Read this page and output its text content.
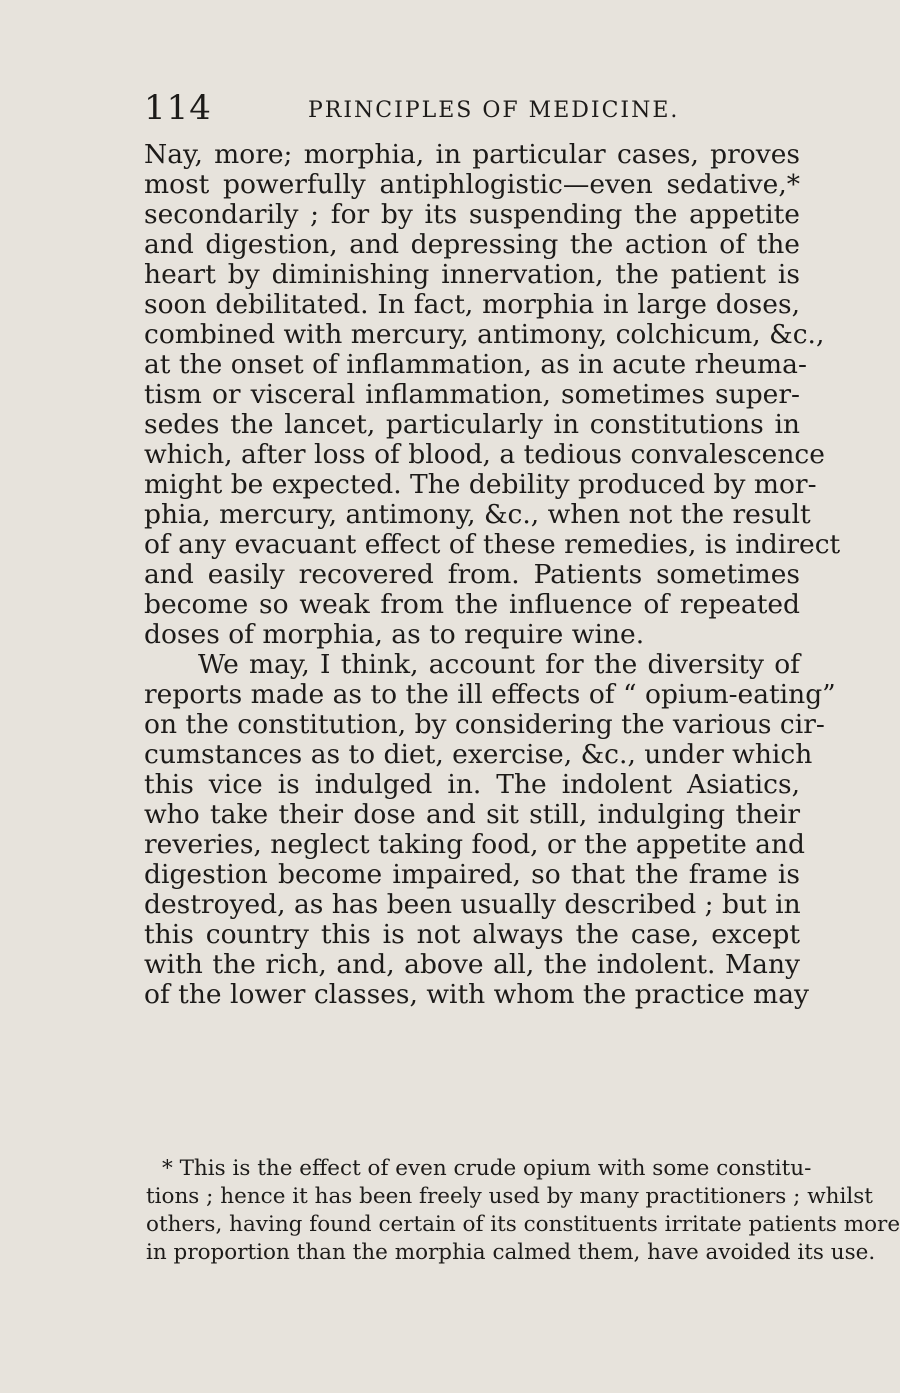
114	PRINCIPLES OF MEDICINE.
Nay, more; morphia, in particular cases, proves
most powerfully antiphlogistic—even sedative,*
secondarily ; for by its suspending the appetite
and digestion, and depressing the action of the
heart by diminishing innervation, the patient is
soon debilitated. In fact, morphia in large doses,
combined with mercury, antimony, colchicum, &c.,
at the onset of inflammation, as in acute rheuma-
tism or visceral inflammation, sometimes super-
sedes the lancet, particularly in constitutions in
which, after loss of blood, a tedious convalescence
might be expected. The debility produced by mor-
phia, mercury, antimony, &c., when not the result
of any evacuant effect of these remedies, is indirect
and easily recovered from. Patients sometimes
become so weak from the influence of repeated
doses of morphia, as to require wine.
We may, I think, account for the diversity of
reports made as to the ill effects of “ opium-eating”
on the constitution, by considering the various cir-
cumstances as to diet, exercise, &c., under which
this vice is indulged in. The indolent Asiatics,
who take their dose and sit still, indulging their
reveries, neglect taking food, or the appetite and
digestion become impaired, so that the frame is
destroyed, as has been usually described ; but in
this country this is not always the case, except
with the rich, and, above all, the indolent. Many
of the lower classes, with whom the practice may
* This is the effect of even crude opium with some constitu-
tions ; hence it has been freely used by many practitioners ; whilst
others, having found certain of its constituents irritate patients more
in proportion than the morphia calmed them, have avoided its use.
